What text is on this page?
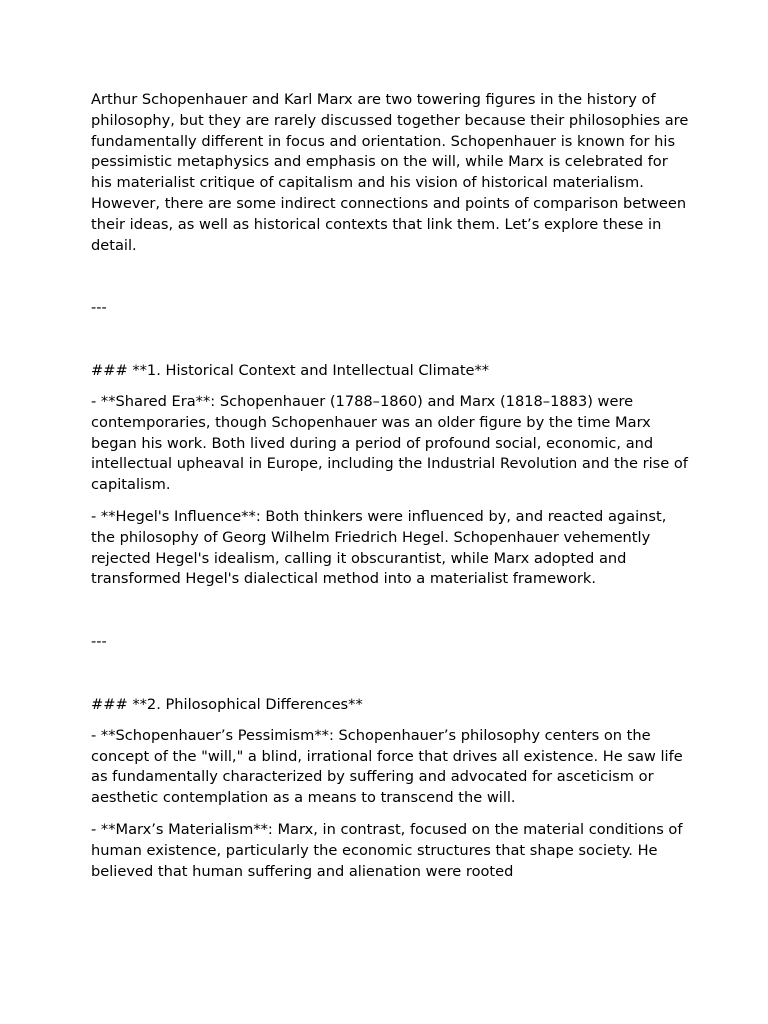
Arthur Schopenhauer and Karl Marx are two towering figures in the history of philosophy, but they are rarely discussed together because their philosophies are fundamentally different in focus and orientation. Schopenhauer is known for his pessimistic metaphysics and emphasis on the will, while Marx is celebrated for his materialist critique of capitalism and his vision of historical materialism. However, there are some indirect connections and points of comparison between their ideas, as well as historical contexts that link them. Let’s explore these in detail.

---

### **1. Historical Context and Intellectual Climate**

- **Shared Era**: Schopenhauer (1788–1860) and Marx (1818–1883) were contemporaries, though Schopenhauer was an older figure by the time Marx began his work. Both lived during a period of profound social, economic, and intellectual upheaval in Europe, including the Industrial Revolution and the rise of capitalism.

- **Hegel's Influence**: Both thinkers were influenced by, and reacted against, the philosophy of Georg Wilhelm Friedrich Hegel. Schopenhauer vehemently rejected Hegel's idealism, calling it obscurantist, while Marx adopted and transformed Hegel's dialectical method into a materialist framework.

---

### **2. Philosophical Differences**

- **Schopenhauer’s Pessimism**: Schopenhauer’s philosophy centers on the concept of the "will," a blind, irrational force that drives all existence. He saw life as fundamentally characterized by suffering and advocated for asceticism or aesthetic contemplation as a means to transcend the will.

- **Marx’s Materialism**: Marx, in contrast, focused on the material conditions of human existence, particularly the economic structures that shape society. He believed that human suffering and alienation were rooted
